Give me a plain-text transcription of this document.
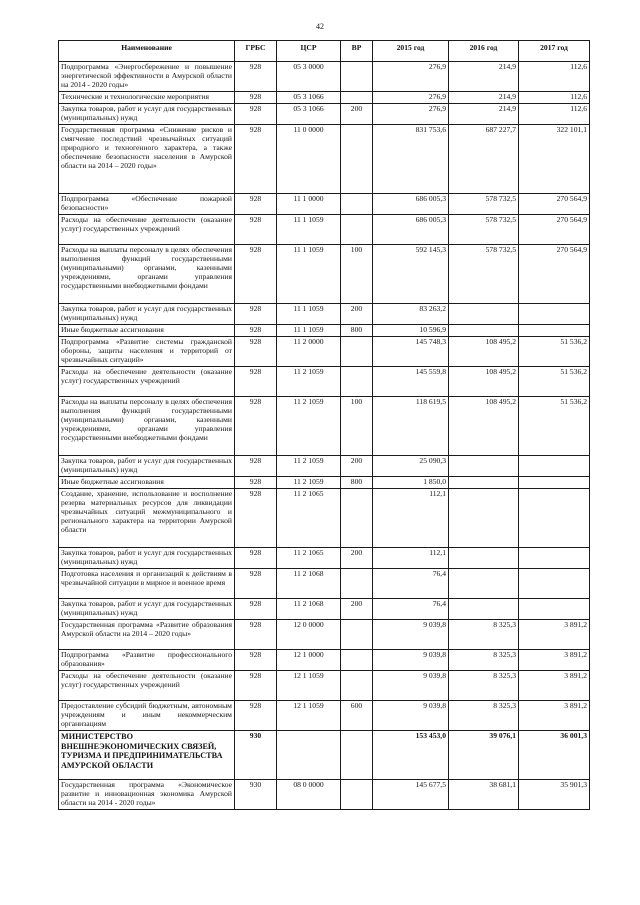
42
Наименование	ГРБС	ЦСР	ВР	2015 год	2016 год	2017 год
Подпрограмма «Энергосбережение и повышение энергетической эффективности в Амурской области на 2014 - 2020 годы»	928	05 3 0000		276,9	214,9	112,6
Технические и технологические мероприятия	928	05 3 1066		276,9	214,9	112,6
Закупка товаров, работ и услуг для государственных (муниципальных) нужд	928	05 3 1066	200	276,9	214,9	112,6
Государственная программа «Снижение рисков и смягчение последствий чрезвычайных ситуаций природного и техногенного характера, а также обеспечение безопасности населения в Амурской области на 2014 – 2020 годы»	928	11 0 0000		831 753,6	687 227,7	322 101,1
Подпрограмма «Обеспечение пожарной безопасности»	928	11 1 0000		686 005,3	578 732,5	270 564,9
Расходы на обеспечение деятельности (оказание услуг) государственных учреждений	928	11 1 1059		686 005,3	578 732,5	270 564,9
Расходы на выплаты персоналу в целях обеспечения выполнения функций государственными (муниципальными) органами, казенными учреждениями, органами управления государственными внебюджетными фондами	928	11 1 1059	100	592 145,3	578 732,5	270 564,9
Закупка товаров, работ и услуг для государственных (муниципальных) нужд	928	11 1 1059	200	83 263,2		
Иные бюджетные ассигнования	928	11 1 1059	800	10 596,9		
Подпрограмма «Развитие системы гражданской обороны, защиты населения и территорий от чрезвычайных ситуаций»	928	11 2 0000		145 748,3	108 495,2	51 536,2
Расходы на обеспечение деятельности (оказание услуг) государственных учреждений	928	11 2 1059		145 559,8	108 495,2	51 536,2
Расходы на выплаты персоналу в целях обеспечения выполнения функций государственными (муниципальными) органами, казенными учреждениями, органами управления государственными внебюджетными фондами	928	11 2 1059	100	118 619,5	108 495,2	51 536,2
Закупка товаров, работ и услуг для государственных (муниципальных) нужд	928	11 2 1059	200	25 090,3		
Иные бюджетные ассигнования	928	11 2 1059	800	1 850,0		
Создание, хранение, использование и восполнение резерва материальных ресурсов для ликвидации чрезвычайных ситуаций межмуниципального и регионального характера на территории Амурской области	928	11 2 1065		112,1		
Закупка товаров, работ и услуг для государственных (муниципальных) нужд	928	11 2 1065	200	112,1		
Подготовка населения и организаций к действиям в чрезвычайной ситуации в мирное и военное время	928	11 2 1068		76,4		
Закупка товаров, работ и услуг для государственных (муниципальных) нужд	928	11 2 1068	200	76,4		
Государственная программа «Развитие образования Амурской области на 2014 – 2020 годы»	928	12 0 0000		9 039,8	8 325,3	3 891,2
Подпрограмма «Развитие профессионального образования»	928	12 1 0000		9 039,8	8 325,3	3 891,2
Расходы на обеспечение деятельности (оказание услуг) государственных учреждений	928	12 1 1059		9 039,8	8 325,3	3 891,2
Предоставление субсидий бюджетным, автономным учреждениям и иным некоммерческим организациям	928	12 1 1059	600	9 039,8	8 325,3	3 891,2
МИНИСТЕРСТВО ВНЕШНЕЭКОНОМИЧЕСКИХ СВЯЗЕЙ, ТУРИЗМА И ПРЕДПРИНИМАТЕЛЬСТВА АМУРСКОЙ ОБЛАСТИ	930			153 453,0	39 076,1	36 001,3
Государственная программа «Экономическое развитие и инновационная экономика Амурской области на 2014 - 2020 годы»	930	08 0 0000		145 677,5	38 681,1	35 901,3
